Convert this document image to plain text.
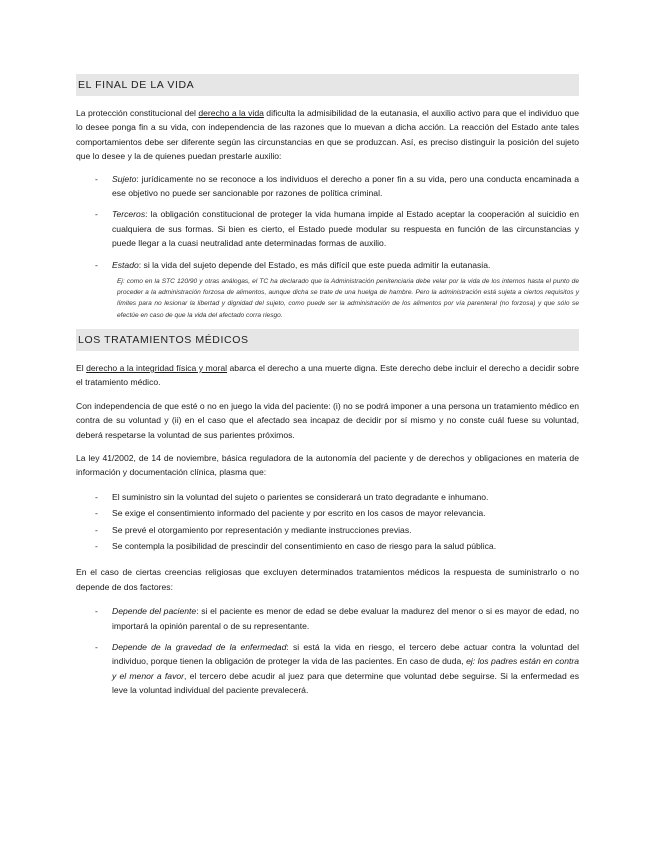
EL FINAL DE LA VIDA

La protección constitucional del derecho a la vida dificulta la admisibilidad de la eutanasia, el auxilio activo para que el individuo que lo desee ponga fin a su vida, con independencia de las razones que lo muevan a dicha acción. La reacción del Estado ante tales comportamientos debe ser diferente según las circunstancias en que se produzcan. Así, es preciso distinguir la posición del sujeto que lo desee y la de quienes puedan prestarle auxilio:

- Sujeto: jurídicamente no se reconoce a los individuos el derecho a poner fin a su vida, pero una conducta encaminada a ese objetivo no puede ser sancionable por razones de política criminal.
- Terceros: la obligación constitucional de proteger la vida humana impide al Estado aceptar la cooperación al suicidio en cualquiera de sus formas. Si bien es cierto, el Estado puede modular su respuesta en función de las circunstancias y puede llegar a la cuasi neutralidad ante determinadas formas de auxilio.
- Estado: si la vida del sujeto depende del Estado, es más difícil que este pueda admitir la eutanasia.
Ej: como en la STC 120/90 y otras análogas, el TC ha declarado que la Administración penitenciaria debe velar por la vida de los internos hasta el punto de proceder a la administración forzosa de alimentos, aunque dicha se trate de una huelga de hambre. Pero la administración está sujeta a ciertos requisitos y límites para no lesionar la libertad y dignidad del sujeto, como puede ser la administración de los alimentos por vía parenteral (no forzosa) y que sólo se efectúe en caso de que la vida del afectado corra riesgo.
LOS TRATAMIENTOS MÉDICOS

El derecho a la integridad física y moral abarca el derecho a una muerte digna. Este derecho debe incluir el derecho a decidir sobre el tratamiento médico.

Con independencia de que esté o no en juego la vida del paciente: (i) no se podrá imponer a una persona un tratamiento médico en contra de su voluntad y (ii) en el caso que el afectado sea incapaz de decidir por sí mismo y no conste cuál fuese su voluntad, deberá respetarse la voluntad de sus parientes próximos.

La ley 41/2002, de 14 de noviembre, básica reguladora de la autonomía del paciente y de derechos y obligaciones en materia de información y documentación clínica, plasma que:

- El suministro sin la voluntad del sujeto o parientes se considerará un trato degradante e inhumano.
- Se exige el consentimiento informado del paciente y por escrito en los casos de mayor relevancia.
- Se prevé el otorgamiento por representación y mediante instrucciones previas.
- Se contempla la posibilidad de prescindir del consentimiento en caso de riesgo para la salud pública.

En el caso de ciertas creencias religiosas que excluyen determinados tratamientos médicos la respuesta de suministrarlo o no depende de dos factores:

- Depende del paciente: si el paciente es menor de edad se debe evaluar la madurez del menor o si es mayor de edad, no importará la opinión parental o de su representante.
- Depende de la gravedad de la enfermedad: si está la vida en riesgo, el tercero debe actuar contra la voluntad del individuo, porque tienen la obligación de proteger la vida de las pacientes. En caso de duda, ej: los padres están en contra y el menor a favor, el tercero debe acudir al juez para que determine que voluntad debe seguirse. Si la enfermedad es leve la voluntad individual del paciente prevalecerá.
